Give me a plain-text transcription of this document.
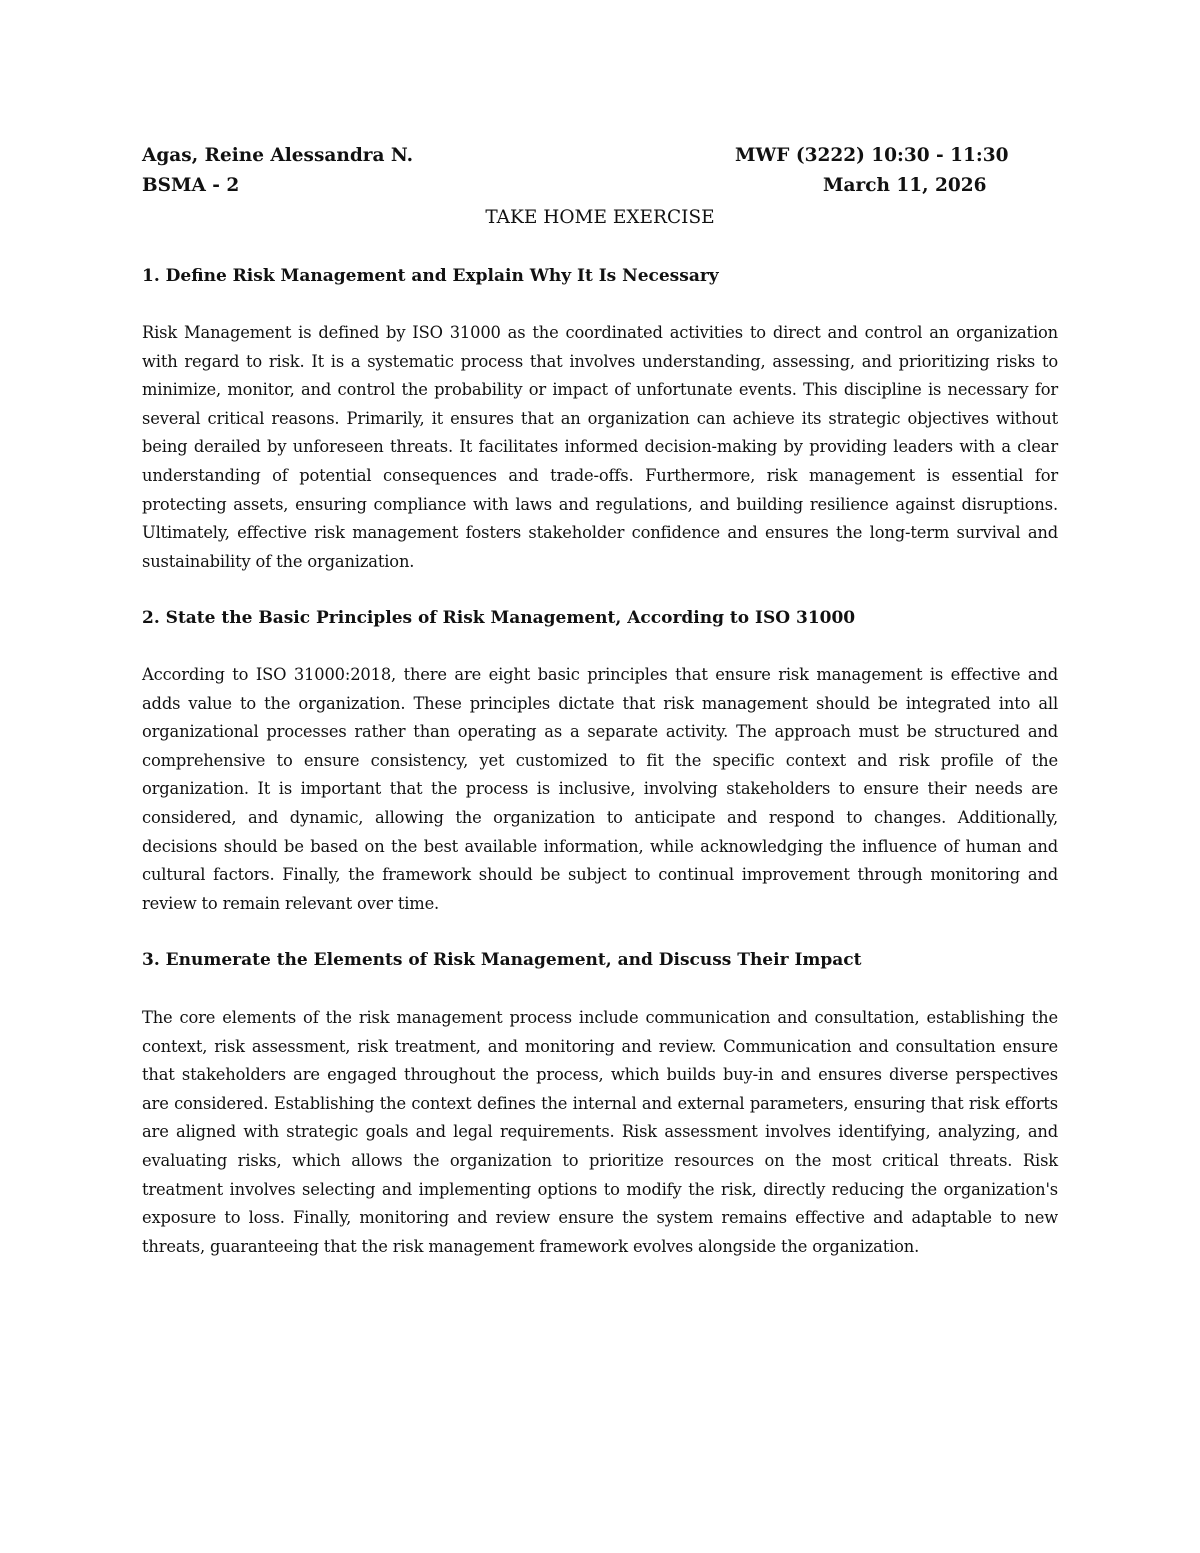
Agas, Reine Alessandra N.	MWF (3222) 10:30 - 11:30
BSMA - 2	March 11, 2026
TAKE HOME EXERCISE
1. Define Risk Management and Explain Why It Is Necessary
Risk Management is defined by ISO 31000 as the coordinated activities to direct and control an organization with regard to risk. It is a systematic process that involves understanding, assessing, and prioritizing risks to minimize, monitor, and control the probability or impact of unfortunate events. This discipline is necessary for several critical reasons. Primarily, it ensures that an organization can achieve its strategic objectives without being derailed by unforeseen threats. It facilitates informed decision-making by providing leaders with a clear understanding of potential consequences and trade-offs. Furthermore, risk management is essential for protecting assets, ensuring compliance with laws and regulations, and building resilience against disruptions. Ultimately, effective risk management fosters stakeholder confidence and ensures the long-term survival and sustainability of the organization.
2. State the Basic Principles of Risk Management, According to ISO 31000
According to ISO 31000:2018, there are eight basic principles that ensure risk management is effective and adds value to the organization. These principles dictate that risk management should be integrated into all organizational processes rather than operating as a separate activity. The approach must be structured and comprehensive to ensure consistency, yet customized to fit the specific context and risk profile of the organization. It is important that the process is inclusive, involving stakeholders to ensure their needs are considered, and dynamic, allowing the organization to anticipate and respond to changes. Additionally, decisions should be based on the best available information, while acknowledging the influence of human and cultural factors. Finally, the framework should be subject to continual improvement through monitoring and review to remain relevant over time.
3. Enumerate the Elements of Risk Management, and Discuss Their Impact
The core elements of the risk management process include communication and consultation, establishing the context, risk assessment, risk treatment, and monitoring and review. Communication and consultation ensure that stakeholders are engaged throughout the process, which builds buy-in and ensures diverse perspectives are considered. Establishing the context defines the internal and external parameters, ensuring that risk efforts are aligned with strategic goals and legal requirements. Risk assessment involves identifying, analyzing, and evaluating risks, which allows the organization to prioritize resources on the most critical threats. Risk treatment involves selecting and implementing options to modify the risk, directly reducing the organization's exposure to loss. Finally, monitoring and review ensure the system remains effective and adaptable to new threats, guaranteeing that the risk management framework evolves alongside the organization.
